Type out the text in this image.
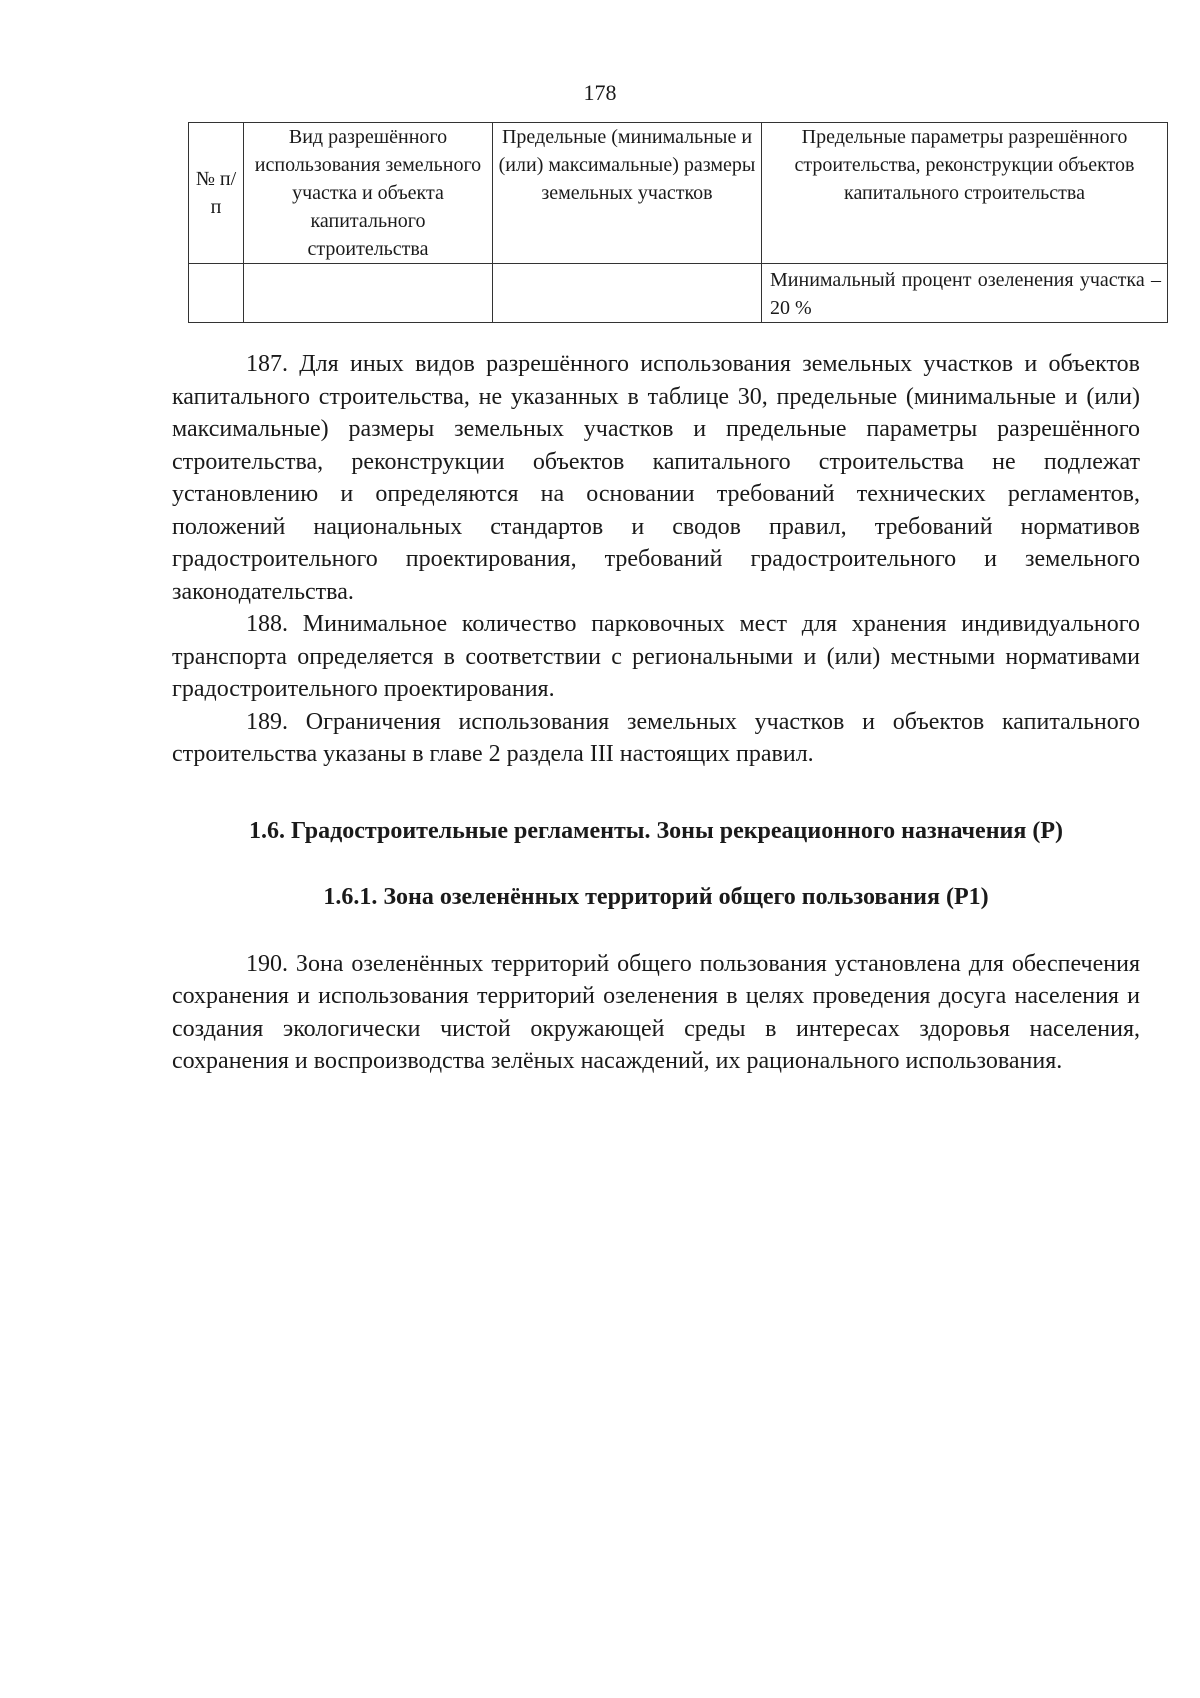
178
№ п/п	Вид разрешённого использования земельного участка и объекта капитального строительства	Предельные (минимальные и (или) максимальные) размеры земельных участков	Предельные параметры разрешённого строительства, реконструкции объектов капитального строительства
			Минимальный процент озеленения участка – 20 %

187. Для иных видов разрешённого использования земельных участков и объектов капитального строительства, не указанных в таблице 30, предельные (минимальные и (или) максимальные) размеры земельных участков и предельные параметры разрешённого строительства, реконструкции объектов капитального строительства не подлежат установлению и определяются на основании требований технических регламентов, положений национальных стандартов и сводов правил, требований нормативов градостроительного проектирования, требований градостроительного и земельного законодательства.

188. Минимальное количество парковочных мест для хранения индивидуального транспорта определяется в соответствии с региональными и (или) местными нормативами градостроительного проектирования.

189. Ограничения использования земельных участков и объектов капитального строительства указаны в главе 2 раздела III настоящих правил.

1.6. Градостроительные регламенты. Зоны рекреационного назначения (Р)
1.6.1. Зона озеленённых территорий общего пользования (Р1)

190. Зона озеленённых территорий общего пользования установлена для обеспечения сохранения и использования территорий озеленения в целях проведения досуга населения и создания экологически чистой окружающей среды в интересах здоровья населения, сохранения и воспроизводства зелёных насаждений, их рационального использования.
